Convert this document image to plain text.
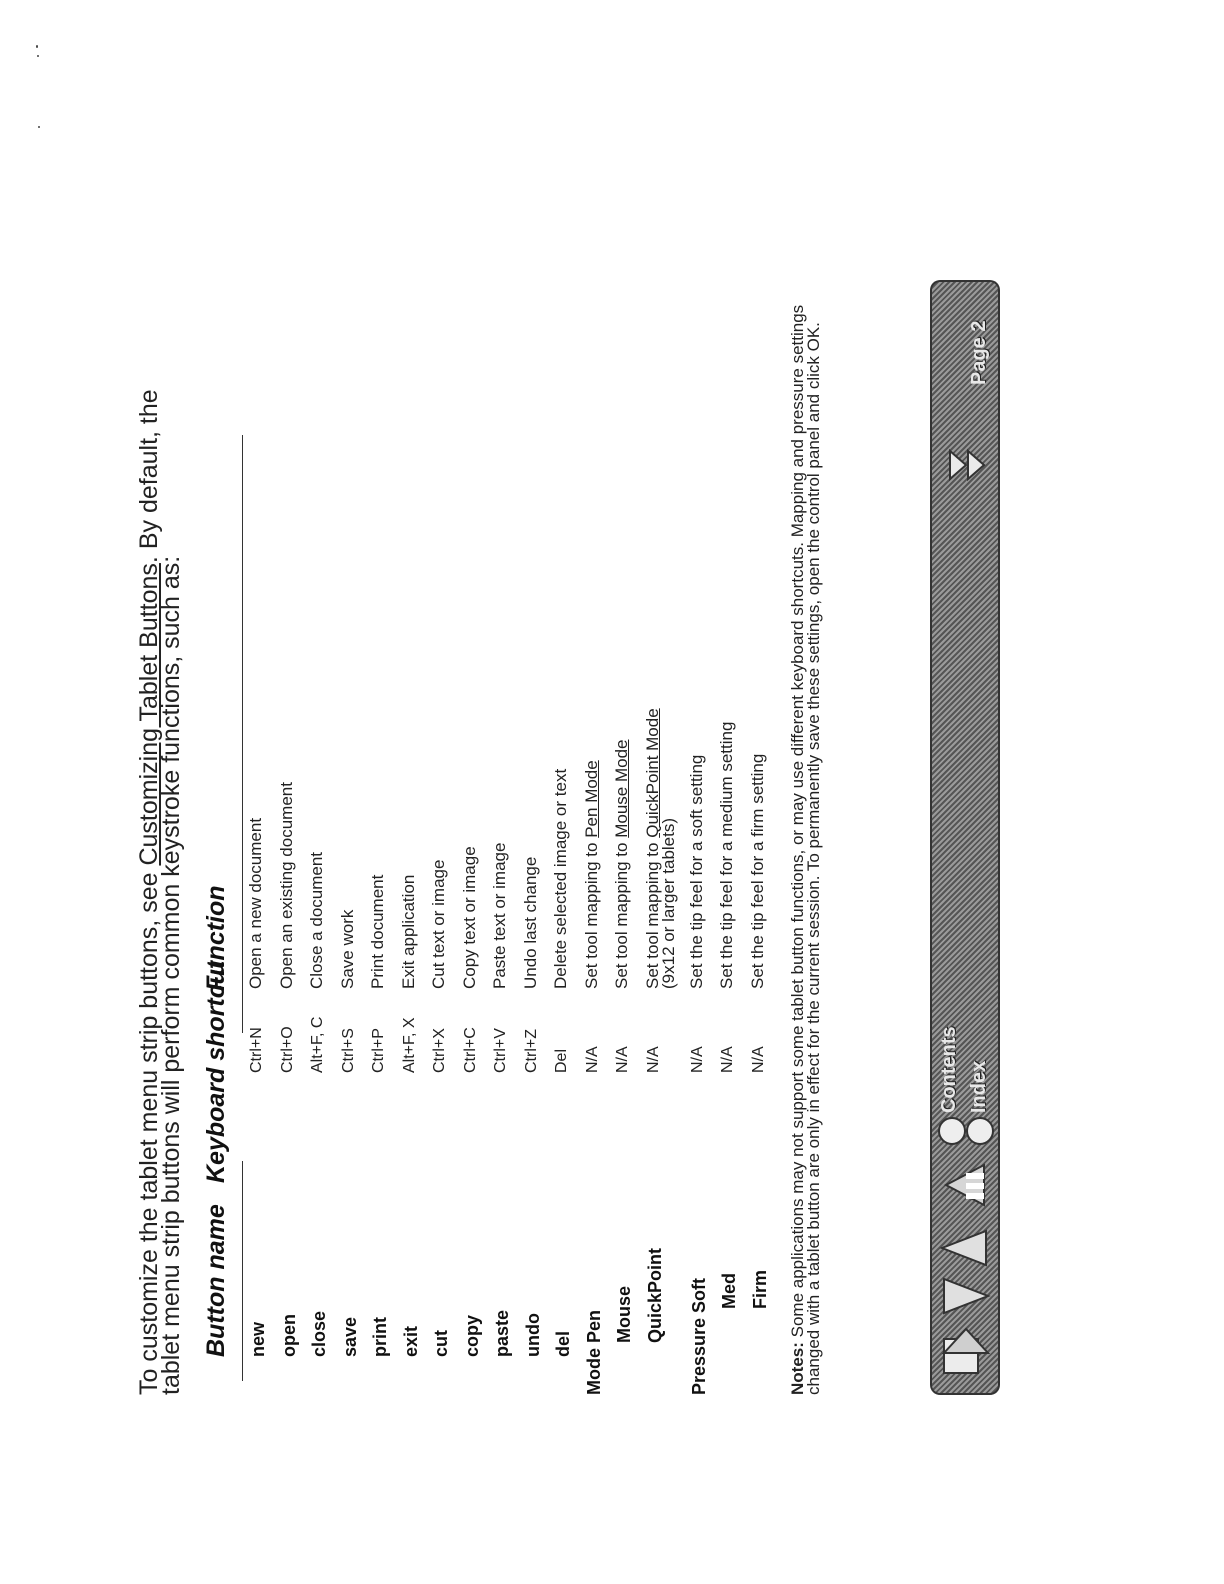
To customize the tablet menu strip buttons, see Customizing Tablet Buttons. By default, the tablet menu strip buttons will perform common keystroke functions, such as: Button name
Keyboard shortcut
Function
new
Ctrl+N
Open a new document
open
Ctrl+O
Open an existing document
close
Alt+F, C
Close a document
save
Ctrl+S
Save work
print
Ctrl+P
Print document
exit
Alt+F, X
Exit application
cut
Ctrl+X
Cut text or image
copy
Ctrl+C
Copy text or image
paste
Ctrl+V
Paste text or image
undo
Ctrl+Z
Undo last change
del
Del
Delete selected image or text
Mode Pen
N/A
Set tool mapping to Pen Mode
Mouse
N/A
Set tool mapping to Mouse Mode
QuickPoint
N/A
Set tool mapping to QuickPoint Mode
(9x12 or larger tablets)
Pressure Soft
N/A
Set the tip feel for a soft setting
Med
N/A
Set the tip feel for a medium setting
Firm
N/A
Set the tip feel for a firm setting
Notes: Some applications may not support some tablet button functions, or may use different keyboard shortcuts. Mapping and pressure settings changed with a tablet button are only in effect for the current session. To permanently save these settings, open the control panel and click OK.	Contents Index
Page 2
